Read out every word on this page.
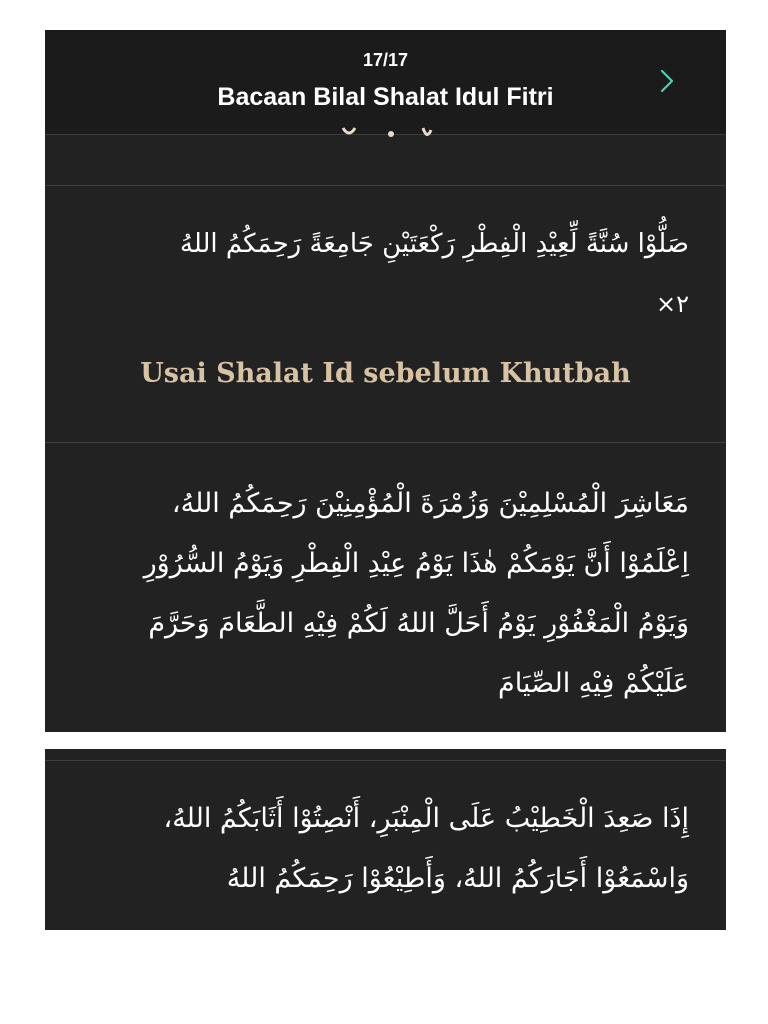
17/17
Bacaan Bilal Shalat Idul Fitri
صَلُّوْا سُنَّةً لِّعِيْدِ الْفِطْرِ رَكْعَتَيْنِ جَامِعَةً رَحِمَكُمُ اللهُ
٢×
Usai Shalat Id sebelum Khutbah
مَعَاشِرَ الْمُسْلِمِيْنَ وَزُمْرَةَ الْمُؤْمِنِيْنَ رَحِمَكُمُ اللهُ،
اِعْلَمُوْا أَنَّ يَوْمَكُمْ هٰذَا يَوْمُ عِيْدِ الْفِطْرِ وَيَوْمُ السُّرُوْرِ
وَيَوْمُ الْمَغْفُوْرِ يَوْمُ أَحَلَّ اللهُ لَكُمْ فِيْهِ الطَّعَامَ وَحَرَّمَ
عَلَيْكُمْ فِيْهِ الصِّيَامَ
إِذَا صَعِدَ الْخَطِيْبُ عَلَى الْمِنْبَرِ، أَنْصِتُوْا أَثَابَكُمُ اللهُ،
وَاسْمَعُوْا أَجَارَكُمُ اللهُ، وَأَطِيْعُوْا رَحِمَكُمُ اللهُ
